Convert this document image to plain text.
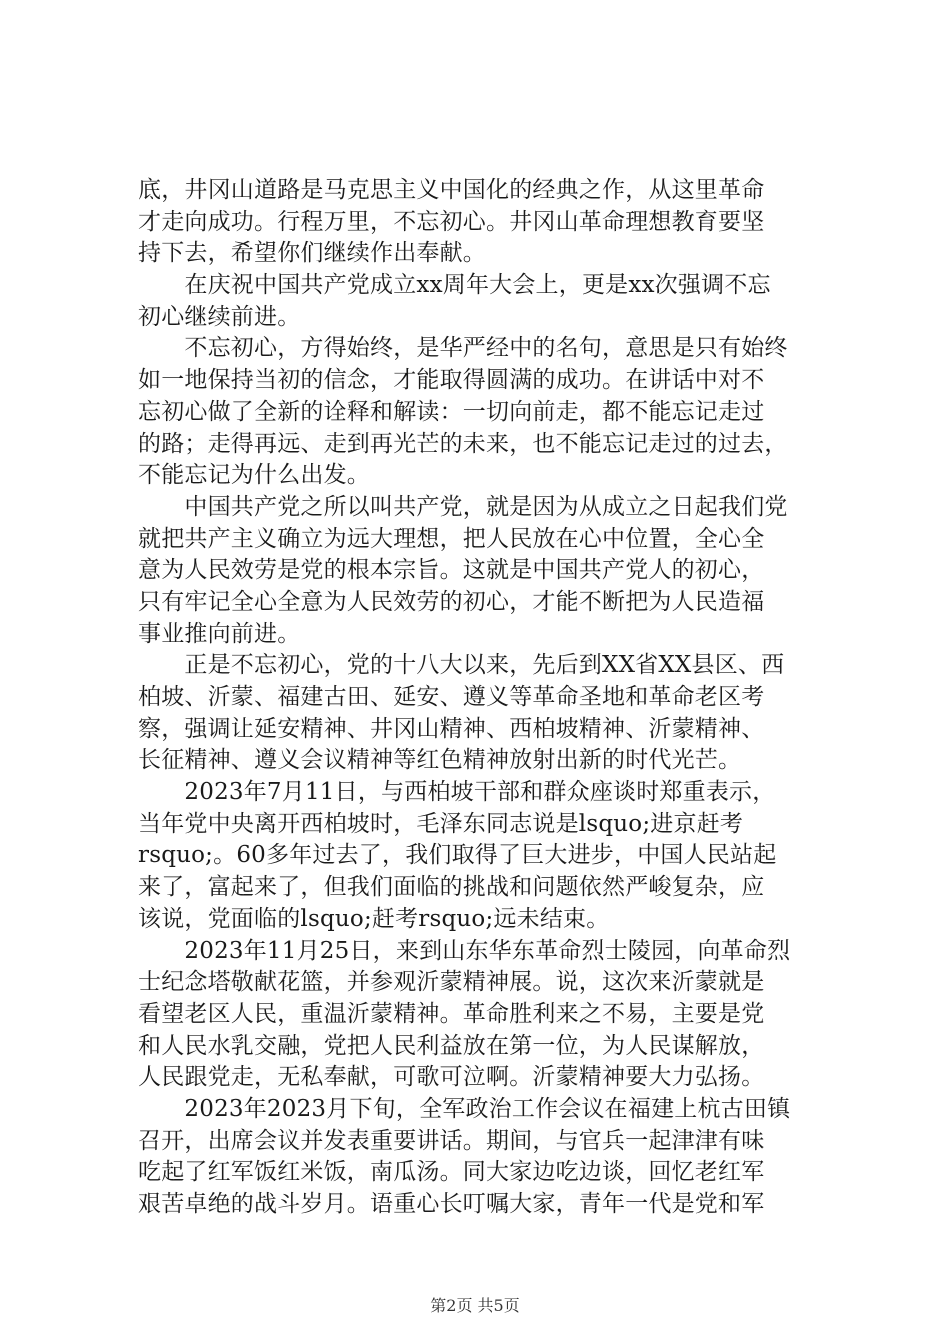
底，井冈山道路是马克思主义中国化的经典之作，从这里革命
才走向成功。行程万里，不忘初心。井冈山革命理想教育要坚
持下去，希望你们继续作出奉献。
　　在庆祝中国共产党成立xx周年大会上，更是xx次强调不忘
初心继续前进。
　　不忘初心，方得始终，是华严经中的名句，意思是只有始终
如一地保持当初的信念，才能取得圆满的成功。在讲话中对不
忘初心做了全新的诠释和解读：一切向前走，都不能忘记走过
的路；走得再远、走到再光芒的未来，也不能忘记走过的过去，
不能忘记为什么出发。
　　中国共产党之所以叫共产党，就是因为从成立之日起我们党
就把共产主义确立为远大理想，把人民放在心中位置，全心全
意为人民效劳是党的根本宗旨。这就是中国共产党人的初心，
只有牢记全心全意为人民效劳的初心，才能不断把为人民造福
事业推向前进。
　　正是不忘初心，党的十八大以来，先后到XX省XX县区、西
柏坡、沂蒙、福建古田、延安、遵义等革命圣地和革命老区考
察，强调让延安精神、井冈山精神、西柏坡精神、沂蒙精神、
长征精神、遵义会议精神等红色精神放射出新的时代光芒。
　　2023年7月11日，与西柏坡干部和群众座谈时郑重表示，
当年党中央离开西柏坡时，毛泽东同志说是lsquo;进京赶考
rsquo;。60多年过去了，我们取得了巨大进步，中国人民站起
来了，富起来了，但我们面临的挑战和问题依然严峻复杂，应
该说，党面临的lsquo;赶考rsquo;远未结束。
　　2023年11月25日，来到山东华东革命烈士陵园，向革命烈
士纪念塔敬献花篮，并参观沂蒙精神展。说，这次来沂蒙就是
看望老区人民，重温沂蒙精神。革命胜利来之不易，主要是党
和人民水乳交融，党把人民利益放在第一位，为人民谋解放，
人民跟党走，无私奉献，可歌可泣啊。沂蒙精神要大力弘扬。
　　2023年2023月下旬，全军政治工作会议在福建上杭古田镇
召开，出席会议并发表重要讲话。期间，与官兵一起津津有味
吃起了红军饭红米饭，南瓜汤。同大家边吃边谈，回忆老红军
艰苦卓绝的战斗岁月。语重心长叮嘱大家，青年一代是党和军
第2页 共5页
